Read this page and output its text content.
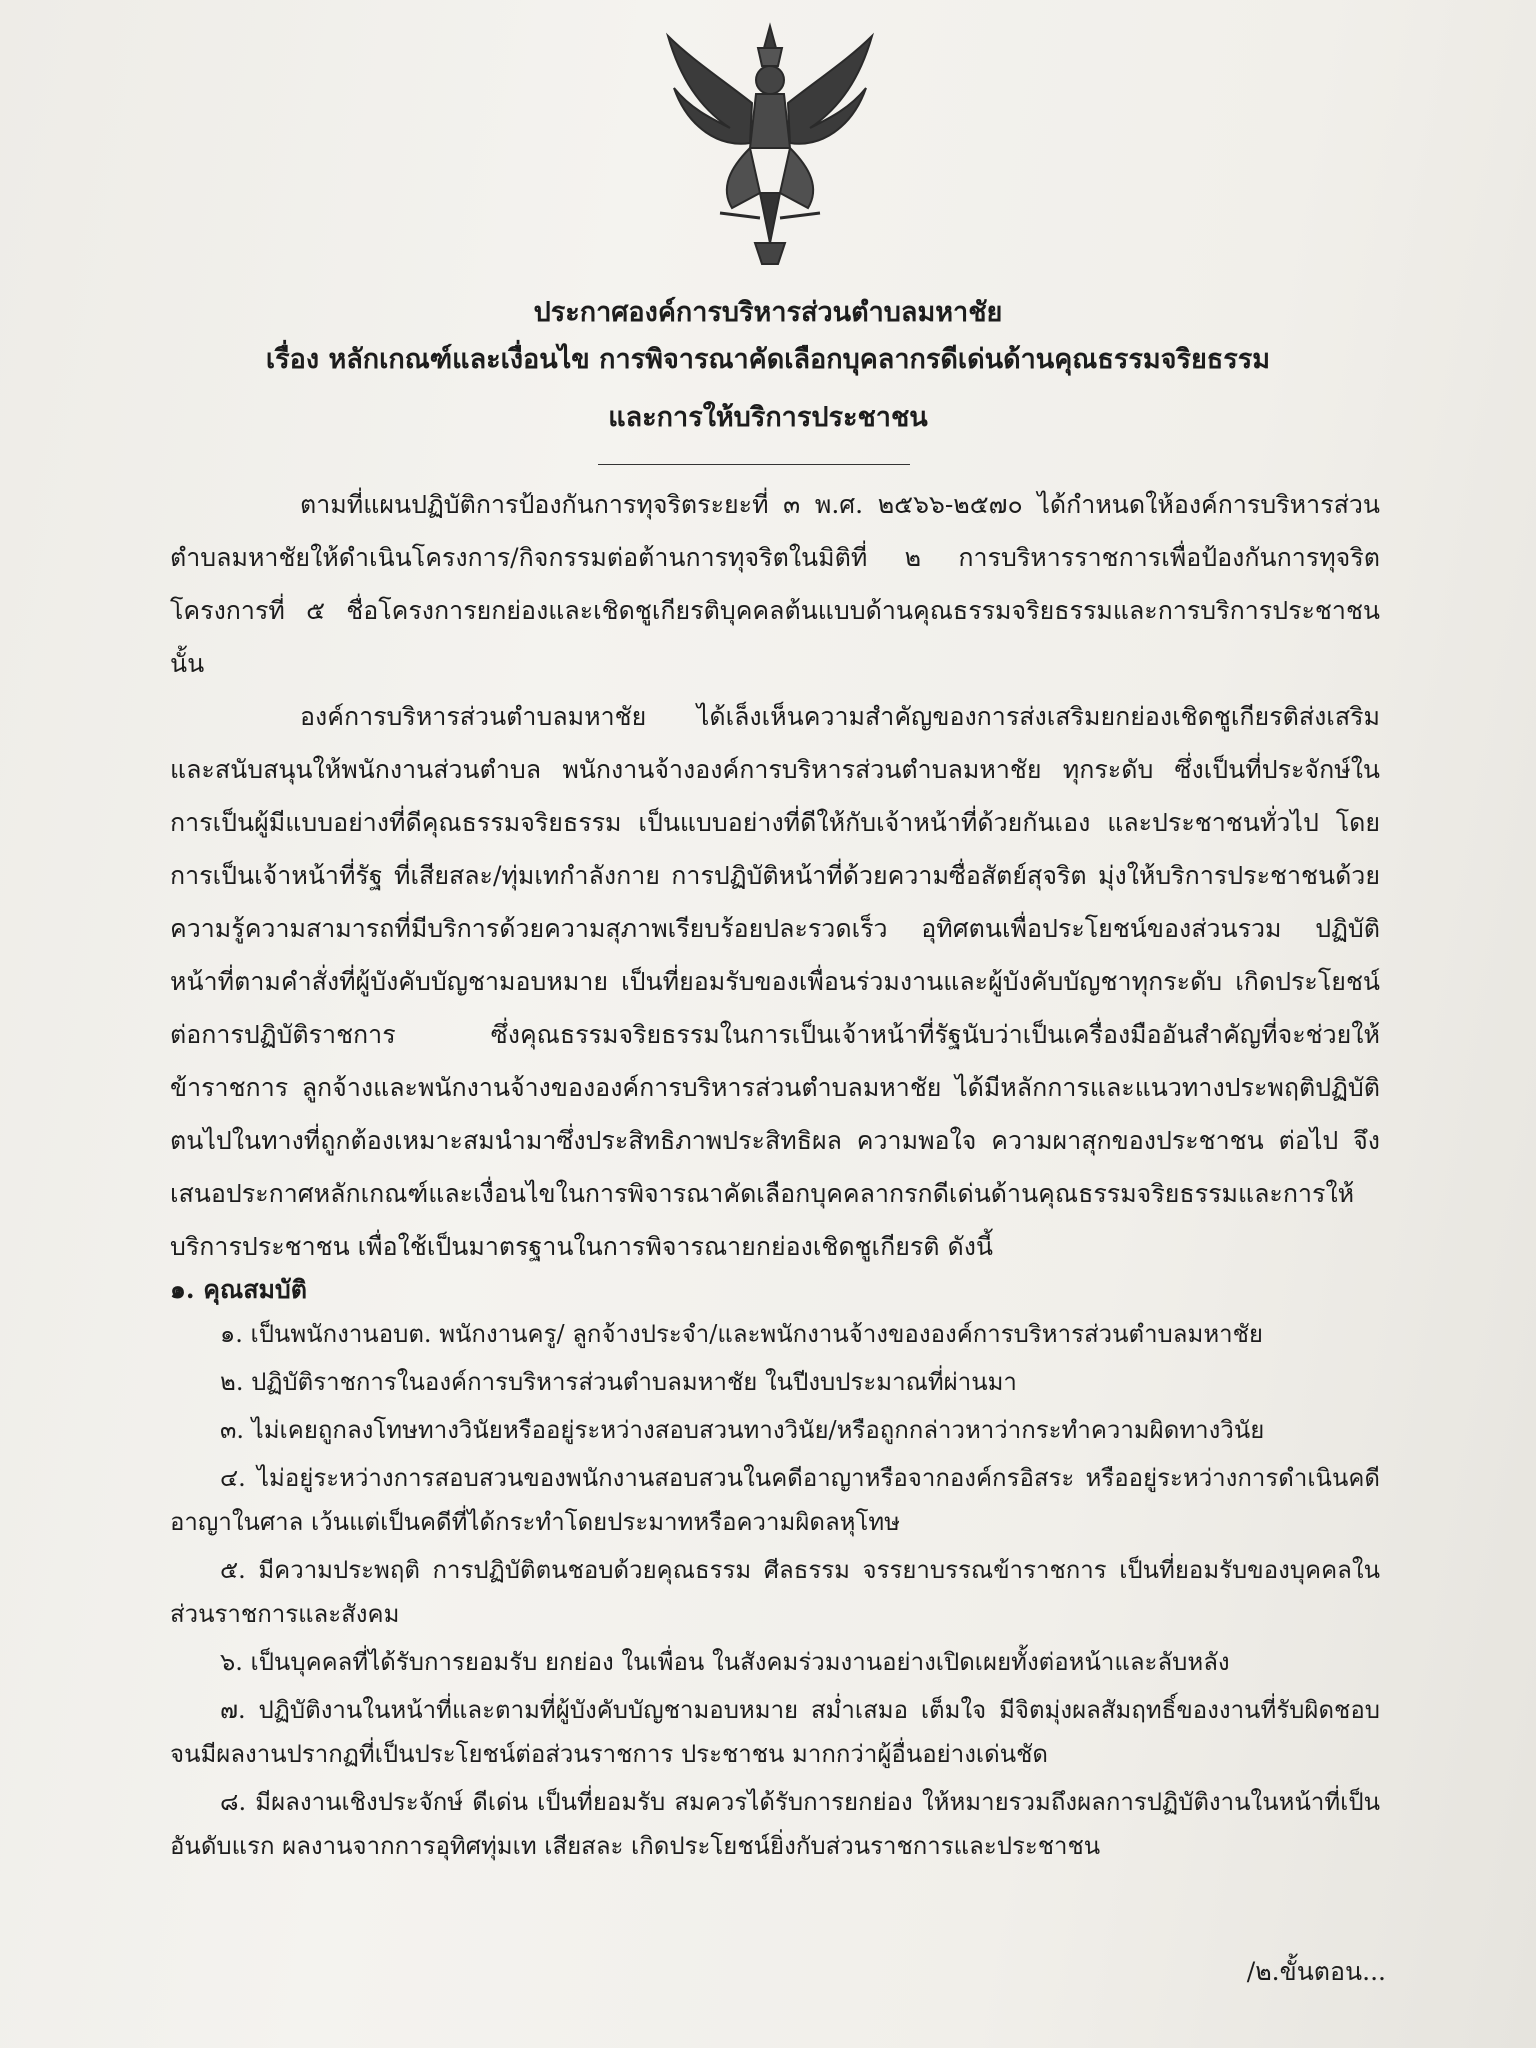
ประกาศองค์การบริหารส่วนตำบลมหาชัย
เรื่อง หลักเกณฑ์และเงื่อนไข การพิจารณาคัดเลือกบุคลากรดีเด่นด้านคุณธรรมจริยธรรม
และการให้บริการประชาชน
ตามที่แผนปฏิบัติการป้องกันการทุจริตระยะที่ ๓ พ.ศ. ๒๕๖๖-๒๕๗๐ ได้กำหนดให้องค์การบริหารส่วนตำบลมหาชัยให้ดำเนินโครงการ/กิจกรรมต่อต้านการทุจริตในมิติที่ ๒ การบริหารราชการเพื่อป้องกันการทุจริต โครงการที่ ๕ ชื่อโครงการยกย่องและเชิดชูเกียรติบุคคลต้นแบบด้านคุณธรรมจริยธรรมและการบริการประชาชน นั้น
องค์การบริหารส่วนตำบลมหาชัย ได้เล็งเห็นความสำคัญของการส่งเสริมยกย่องเชิดชูเกียรติส่งเสริมและสนับสนุนให้พนักงานส่วนตำบล พนักงานจ้างองค์การบริหารส่วนตำบลมหาชัย ทุกระดับ ซึ่งเป็นที่ประจักษ์ในการเป็นผู้มีแบบอย่างที่ดีคุณธรรมจริยธรรม เป็นแบบอย่างที่ดีให้กับเจ้าหน้าที่ด้วยกันเอง และประชาชนทั่วไป โดยการเป็นเจ้าหน้าที่รัฐ ที่เสียสละ/ทุ่มเทกำลังกาย การปฏิบัติหน้าที่ด้วยความซื่อสัตย์สุจริต มุ่งให้บริการประชาชนด้วยความรู้ความสามารถที่มีบริการด้วยความสุภาพเรียบร้อยปละรวดเร็ว อุทิศตนเพื่อประโยชน์ของส่วนรวม ปฏิบัติหน้าที่ตามคำสั่งที่ผู้บังคับบัญชามอบหมาย เป็นที่ยอมรับของเพื่อนร่วมงานและผู้บังคับบัญชาทุกระดับ เกิดประโยชน์ต่อการปฏิบัติราชการ ซึ่งคุณธรรมจริยธรรมในการเป็นเจ้าหน้าที่รัฐนับว่าเป็นเครื่องมืออันสำคัญที่จะช่วยให้ข้าราชการ ลูกจ้างและพนักงานจ้างขององค์การบริหารส่วนตำบลมหาชัย ได้มีหลักการและแนวทางประพฤติปฏิบัติตนไปในทางที่ถูกต้องเหมาะสมนำมาซึ่งประสิทธิภาพประสิทธิผล ความพอใจ ความผาสุกของประชาชน ต่อไป จึงเสนอประกาศหลักเกณฑ์และเงื่อนไขในการพิจารณาคัดเลือกบุคคลากรกดีเด่นด้านคุณธรรมจริยธรรมและการให้บริการประชาชน เพื่อใช้เป็นมาตรฐานในการพิจารณายกย่องเชิดชูเกียรติ ดังนี้
๑. คุณสมบัติ
๑. เป็นพนักงานอบต. พนักงานครู/ ลูกจ้างประจำ/และพนักงานจ้างขององค์การบริหารส่วนตำบลมหาชัย
๒. ปฏิบัติราชการในองค์การบริหารส่วนตำบลมหาชัย ในปีงบประมาณที่ผ่านมา
๓. ไม่เคยถูกลงโทษทางวินัยหรืออยู่ระหว่างสอบสวนทางวินัย/หรือถูกกล่าวหาว่ากระทำความผิดทางวินัย
๔. ไม่อยู่ระหว่างการสอบสวนของพนักงานสอบสวนในคดีอาญาหรือจากองค์กรอิสระ หรืออยู่ระหว่างการดำเนินคดีอาญาในศาล เว้นแต่เป็นคดีที่ได้กระทำโดยประมาทหรือความผิดลหุโทษ
๕. มีความประพฤติ การปฏิบัติตนชอบด้วยคุณธรรม ศีลธรรม จรรยาบรรณข้าราชการ เป็นที่ยอมรับของบุคคลในส่วนราชการและสังคม
๖. เป็นบุคคลที่ได้รับการยอมรับ ยกย่อง ในเพื่อน ในสังคมร่วมงานอย่างเปิดเผยทั้งต่อหน้าและลับหลัง
๗. ปฏิบัติงานในหน้าที่และตามที่ผู้บังคับบัญชามอบหมาย สม่ำเสมอ เต็มใจ มีจิตมุ่งผลสัมฤทธิ์ของงานที่รับผิดชอบจนมีผลงานปรากฏที่เป็นประโยชน์ต่อส่วนราชการ ประชาชน มากกว่าผู้อื่นอย่างเด่นชัด
๘. มีผลงานเชิงประจักษ์ ดีเด่น เป็นที่ยอมรับ สมควรได้รับการยกย่อง ให้หมายรวมถึงผลการปฏิบัติงานในหน้าที่เป็นอันดับแรก ผลงานจากการอุทิศทุ่มเท เสียสละ เกิดประโยชน์ยิ่งกับส่วนราชการและประชาชน
/๒.ขั้นตอน...
